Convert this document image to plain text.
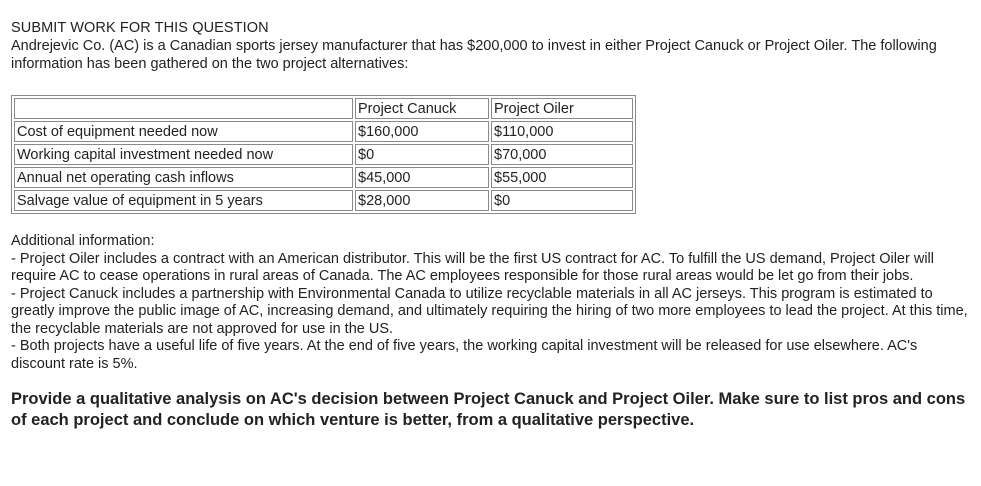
SUBMIT WORK FOR THIS QUESTION

Andrejevic Co. (AC) is a Canadian sports jersey manufacturer that has $200,000 to invest in either Project Canuck or Project Oiler. The following information has been gathered on the two project alternatives:

	Project Canuck	Project Oiler
Cost of equipment needed now	$160,000	$110,000
Working capital investment needed now	$0	$70,000
Annual net operating cash inflows	$45,000	$55,000
Salvage value of equipment in 5 years	$28,000	$0

Additional information:

- Project Oiler includes a contract with an American distributor. This will be the first US contract for AC. To fulfill the US demand, Project Oiler will require AC to cease operations in rural areas of Canada. The AC employees responsible for those rural areas would be let go from their jobs.

- Project Canuck includes a partnership with Environmental Canada to utilize recyclable materials in all AC jerseys. This program is estimated to greatly improve the public image of AC, increasing demand, and ultimately requiring the hiring of two more employees to lead the project. At this time, the recyclable materials are not approved for use in the US.

- Both projects have a useful life of five years. At the end of five years, the working capital investment will be released for use elsewhere. AC's discount rate is 5%.

Provide a qualitative analysis on AC's decision between Project Canuck and Project Oiler. Make sure to list pros and cons of each project and conclude on which venture is better, from a qualitative perspective.
